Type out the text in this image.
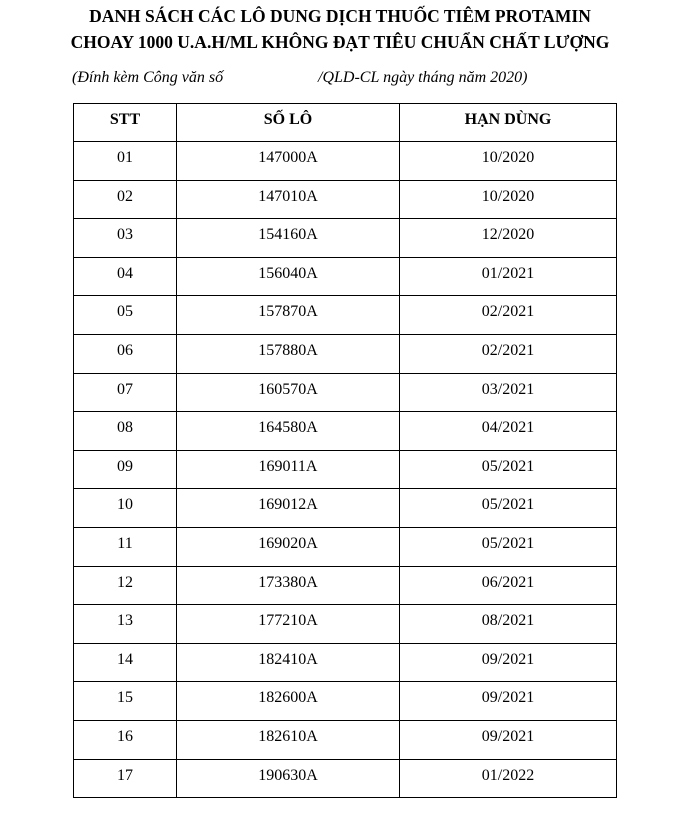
DANH SÁCH CÁC LÔ DUNG DỊCH THUỐC TIÊM PROTAMIN
CHOAY 1000 U.A.H/ML KHÔNG ĐẠT TIÊU CHUẨN CHẤT LƯỢNG
(Đính kèm Công văn số	/QLD-CL ngày tháng năm 2020)
STT	SỐ LÔ	HẠN DÙNG
01	147000A	10/2020
02	147010A	10/2020
03	154160A	12/2020
04	156040A	01/2021
05	157870A	02/2021
06	157880A	02/2021
07	160570A	03/2021
08	164580A	04/2021
09	169011A	05/2021
10	169012A	05/2021
11	169020A	05/2021
12	173380A	06/2021
13	177210A	08/2021
14	182410A	09/2021
15	182600A	09/2021
16	182610A	09/2021
17	190630A	01/2022
